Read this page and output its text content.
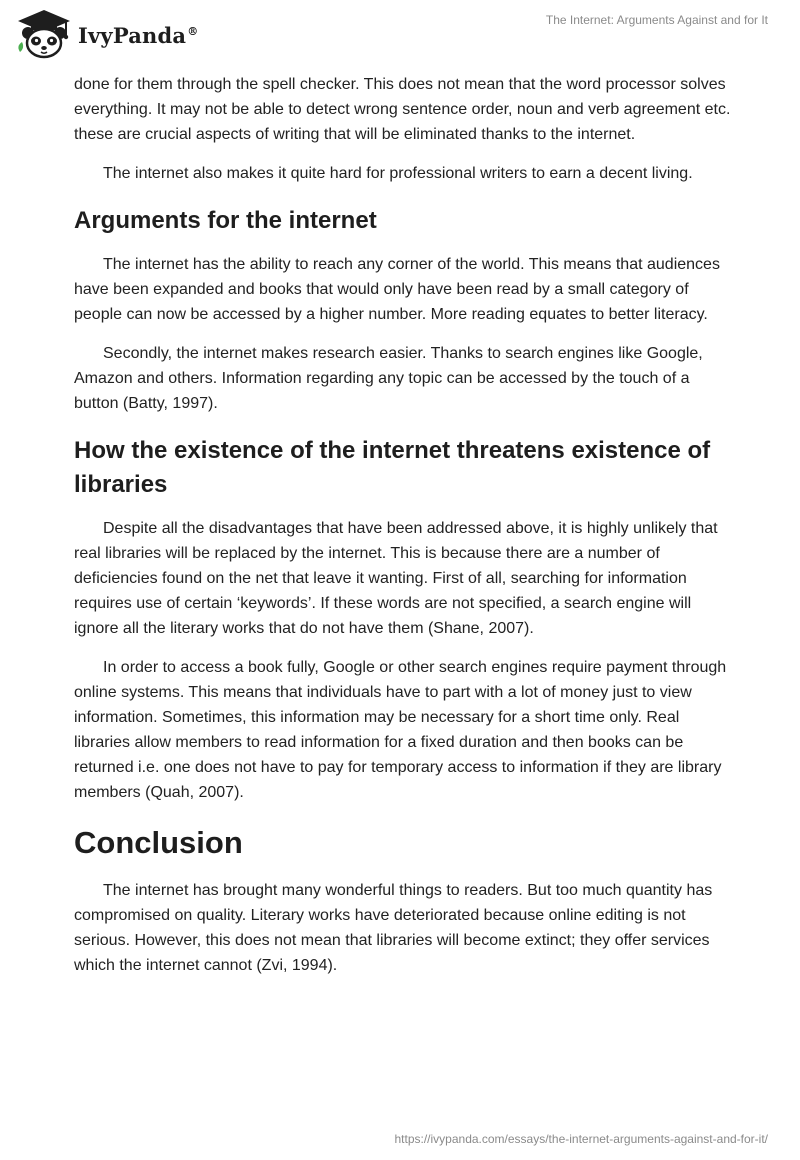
IvyPanda®
The Internet: Arguments Against and for It

done for them through the spell checker. This does not mean that the word processor solves everything. It may not be able to detect wrong sentence order, noun and verb agreement etc. these are crucial aspects of writing that will be eliminated thanks to the internet.

The internet also makes it quite hard for professional writers to earn a decent living.

Arguments for the internet

The internet has the ability to reach any corner of the world. This means that audiences have been expanded and books that would only have been read by a small category of people can now be accessed by a higher number. More reading equates to better literacy.

Secondly, the internet makes research easier. Thanks to search engines like Google, Amazon and others. Information regarding any topic can be accessed by the touch of a button (Batty, 1997).

How the existence of the internet threatens existence of libraries

Despite all the disadvantages that have been addressed above, it is highly unlikely that real libraries will be replaced by the internet. This is because there are a number of deficiencies found on the net that leave it wanting. First of all, searching for information requires use of certain ‘keywords’. If these words are not specified, a search engine will ignore all the literary works that do not have them (Shane, 2007).

In order to access a book fully, Google or other search engines require payment through online systems. This means that individuals have to part with a lot of money just to view information. Sometimes, this information may be necessary for a short time only. Real libraries allow members to read information for a fixed duration and then books can be returned i.e. one does not have to pay for temporary access to information if they are library members (Quah, 2007).

Conclusion

The internet has brought many wonderful things to readers. But too much quantity has compromised on quality. Literary works have deteriorated because online editing is not serious. However, this does not mean that libraries will become extinct; they offer services which the internet cannot (Zvi, 1994).

https://ivypanda.com/essays/the-internet-arguments-against-and-for-it/
